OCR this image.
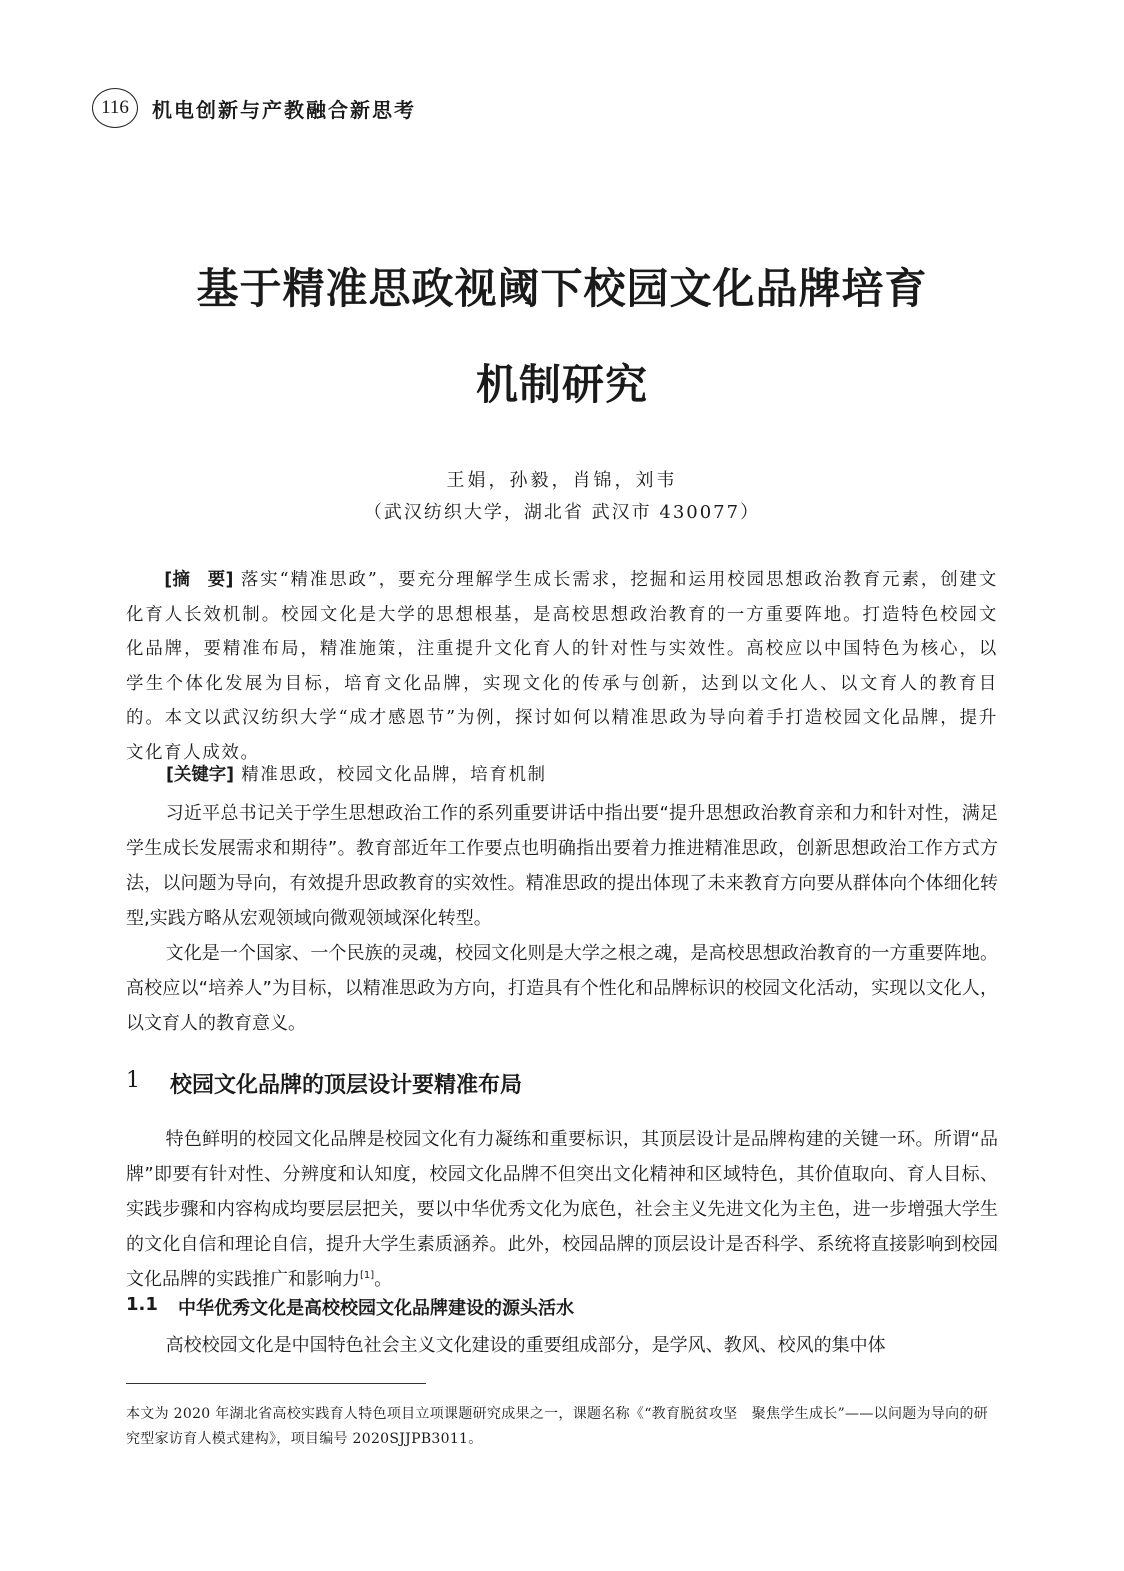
116	机电创新与产教融合新思考
基于精准思政视阈下校园文化品牌培育
机制研究
王娟，孙毅，肖锦，刘韦
（武汉纺织大学，湖北省 武汉市 430077）

[摘　要] 落实“精准思政”，要充分理解学生成长需求，挖掘和运用校园思想政治教育元素，创建文化育人长效机制。校园文化是大学的思想根基，是高校思想政治教育的一方重要阵地。打造特色校园文化品牌，要精准布局，精准施策，注重提升文化育人的针对性与实效性。高校应以中国特色为核心，以学生个体化发展为目标，培育文化品牌，实现文化的传承与创新，达到以文化人、以文育人的教育目的。本文以武汉纺织大学“成才感恩节”为例，探讨如何以精准思政为导向着手打造校园文化品牌，提升文化育人成效。

[关键字] 精准思政，校园文化品牌，培育机制

习近平总书记关于学生思想政治工作的系列重要讲话中指出要“提升思想政治教育亲和力和针对性，满足学生成长发展需求和期待”。教育部近年工作要点也明确指出要着力推进精准思政，创新思想政治工作方式方法，以问题为导向，有效提升思政教育的实效性。精准思政的提出体现了未来教育方向要从群体向个体细化转型,实践方略从宏观领域向微观领域深化转型。

文化是一个国家、一个民族的灵魂，校园文化则是大学之根之魂，是高校思想政治教育的一方重要阵地。高校应以“培养人”为目标，以精准思政为方向，打造具有个性化和品牌标识的校园文化活动，实现以文化人，以文育人的教育意义。

1	校园文化品牌的顶层设计要精准布局

特色鲜明的校园文化品牌是校园文化有力凝练和重要标识，其顶层设计是品牌构建的关键一环。所谓“品牌”即要有针对性、分辨度和认知度，校园文化品牌不但突出文化精神和区域特色，其价值取向、育人目标、实践步骤和内容构成均要层层把关，要以中华优秀文化为底色，社会主义先进文化为主色，进一步增强大学生的文化自信和理论自信，提升大学生素质涵养。此外，校园品牌的顶层设计是否科学、系统将直接影响到校园文化品牌的实践推广和影响力[1]。

1.1	中华优秀文化是高校校园文化品牌建设的源头活水

高校校园文化是中国特色社会主义文化建设的重要组成部分，是学风、教风、校风的集中体

本文为 2020 年湖北省高校实践育人特色项目立项课题研究成果之一，课题名称《“教育脱贫攻坚　聚焦学生成长”——以问题为导向的研究型家访育人模式建构》，项目编号 2020SJJPB3011。
